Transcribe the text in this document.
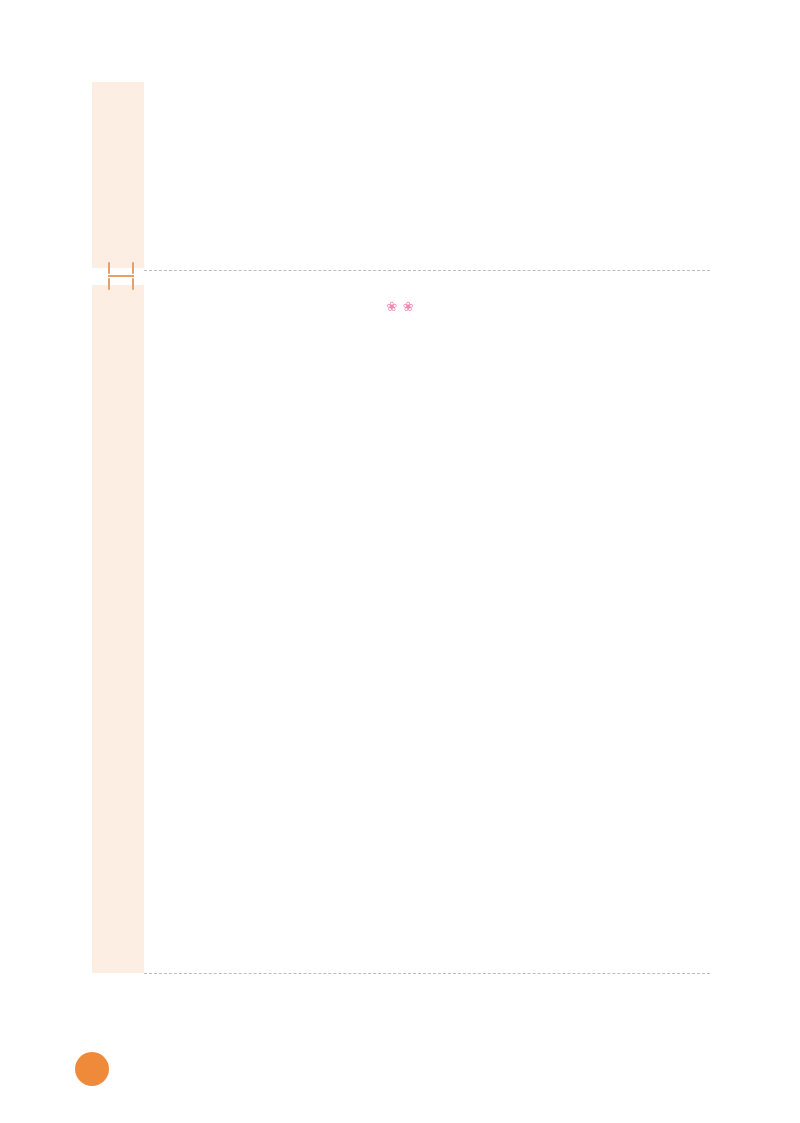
❀ ❀
